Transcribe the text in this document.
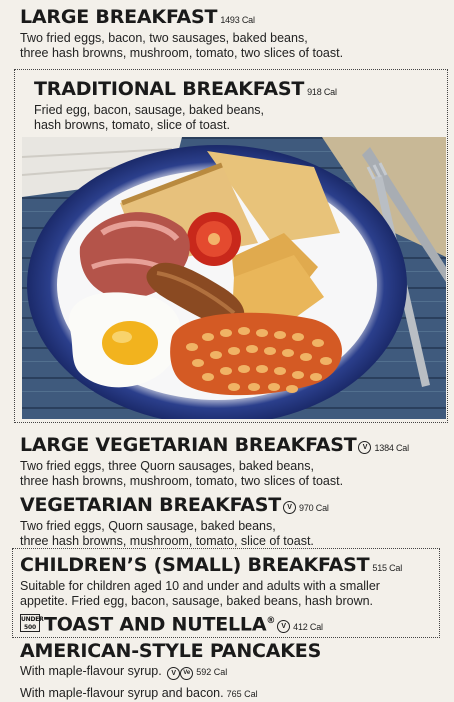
LARGE BREAKFAST 1493 Cal
Two fried eggs, bacon, two sausages, baked beans,
three hash browns, mushroom, tomato, two slices of toast.
TRADITIONAL BREAKFAST 918 Cal
Fried egg, bacon, sausage, baked beans,
hash browns, tomato, slice of toast.
LARGE VEGETARIAN BREAKFAST V 1384 Cal
Two fried eggs, three Quorn sausages, baked beans,
three hash browns, mushroom, tomato, two slices of toast.
VEGETARIAN BREAKFAST V 970 Cal
Two fried eggs, Quorn sausage, baked beans,
three hash browns, mushroom, tomato, slice of toast.
CHILDREN’S (SMALL) BREAKFAST 515 Cal
Suitable for children aged 10 and under and adults with a smaller
appetite. Fried egg, bacon, sausage, baked beans, hash brown.
UNDER
500 TOAST AND NUTELLA®V 412 Cal
AMERICAN-STYLE PANCAKES
With maple-flavour syrup. V Ve 592 Cal
With maple-flavour syrup and bacon. 765 Cal
